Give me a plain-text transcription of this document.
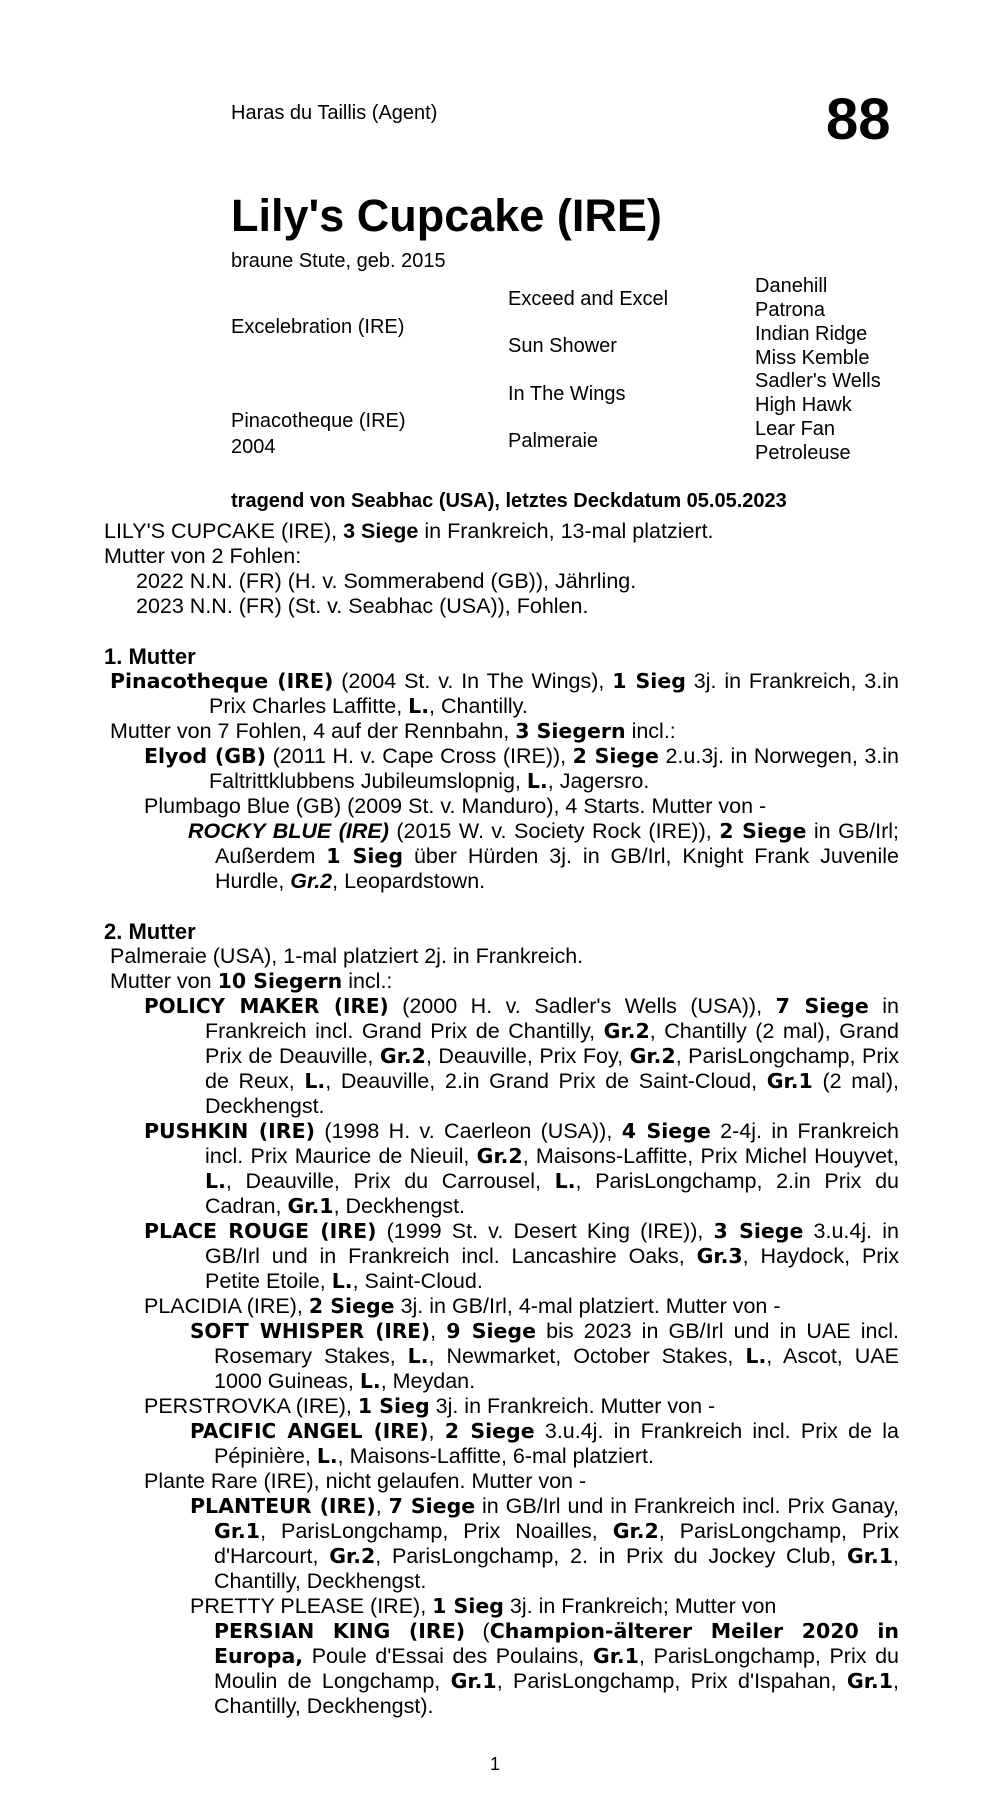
Haras du Taillis (Agent)	88
Lily's Cupcake (IRE)
braune Stute, geb. 2015
Excelebration (IRE)
Pinacotheque (IRE)
2004
Exceed and Excel
Sun Shower
In The Wings
Palmeraie
Danehill
Patrona
Indian Ridge
Miss Kemble
Sadler's Wells
High Hawk
Lear Fan
Petroleuse
tragend von Seabhac (USA), letztes Deckdatum 05.05.2023
LILY'S CUPCAKE (IRE), 3 Siege in Frankreich, 13-mal platziert.
Mutter von 2 Fohlen:
2022 N.N. (FR) (H. v. Sommerabend (GB)), Jährling.
2023 N.N. (FR) (St. v. Seabhac (USA)), Fohlen.
1. Mutter
Pinacotheque (IRE) (2004 St. v. In The Wings), 1 Sieg 3j. in Frankreich, 3.in Prix Charles Laffitte, L., Chantilly.
Mutter von 7 Fohlen, 4 auf der Rennbahn, 3 Siegern incl.:
Elyod (GB) (2011 H. v. Cape Cross (IRE)), 2 Siege 2.u.3j. in Norwegen, 3.in Faltrittklubbens Jubileumslopnig, L., Jagersro.
Plumbago Blue (GB) (2009 St. v. Manduro), 4 Starts. Mutter von -
ROCKY BLUE (IRE) (2015 W. v. Society Rock (IRE)), 2 Siege in GB/Irl; Außerdem 1 Sieg über Hürden 3j. in GB/Irl, Knight Frank Juvenile Hurdle, Gr.2, Leopardstown.
2. Mutter
Palmeraie (USA), 1-mal platziert 2j. in Frankreich.
Mutter von 10 Siegern incl.:
POLICY MAKER (IRE) (2000 H. v. Sadler's Wells (USA)), 7 Siege in Frankreich incl. Grand Prix de Chantilly, Gr.2, Chantilly (2 mal), Grand Prix de Deauville, Gr.2, Deauville, Prix Foy, Gr.2, ParisLongchamp, Prix de Reux, L., Deauville, 2.in Grand Prix de Saint-Cloud, Gr.1 (2 mal), Deckhengst.
PUSHKIN (IRE) (1998 H. v. Caerleon (USA)), 4 Siege 2-4j. in Frankreich incl. Prix Maurice de Nieuil, Gr.2, Maisons-Laffitte, Prix Michel Houyvet, L., Deauville, Prix du Carrousel, L., ParisLongchamp, 2.in Prix du Cadran, Gr.1, Deckhengst.
PLACE ROUGE (IRE) (1999 St. v. Desert King (IRE)), 3 Siege 3.u.4j. in GB/Irl und in Frankreich incl. Lancashire Oaks, Gr.3, Haydock, Prix Petite Etoile, L., Saint-Cloud.
PLACIDIA (IRE), 2 Siege 3j. in GB/Irl, 4-mal platziert. Mutter von -
SOFT WHISPER (IRE), 9 Siege bis 2023 in GB/Irl und in UAE incl. Rosemary Stakes, L., Newmarket, October Stakes, L., Ascot, UAE 1000 Guineas, L., Meydan.
PERSTROVKA (IRE), 1 Sieg 3j. in Frankreich. Mutter von -
PACIFIC ANGEL (IRE), 2 Siege 3.u.4j. in Frankreich incl. Prix de la Pépinière, L., Maisons-Laffitte, 6-mal platziert.
Plante Rare (IRE), nicht gelaufen. Mutter von -
PLANTEUR (IRE), 7 Siege in GB/Irl und in Frankreich incl. Prix Ganay, Gr.1, ParisLongchamp, Prix Noailles, Gr.2, ParisLongchamp, Prix d'Harcourt, Gr.2, ParisLongchamp, 2. in Prix du Jockey Club, Gr.1, Chantilly, Deckhengst.
PRETTY PLEASE (IRE), 1 Sieg 3j. in Frankreich; Mutter von
PERSIAN KING (IRE) (Champion-älterer Meiler 2020 in Europa, Poule d'Essai des Poulains, Gr.1, ParisLongchamp, Prix du Moulin de Longchamp, Gr.1, ParisLongchamp, Prix d'Ispahan, Gr.1, Chantilly, Deckhengst).
1
